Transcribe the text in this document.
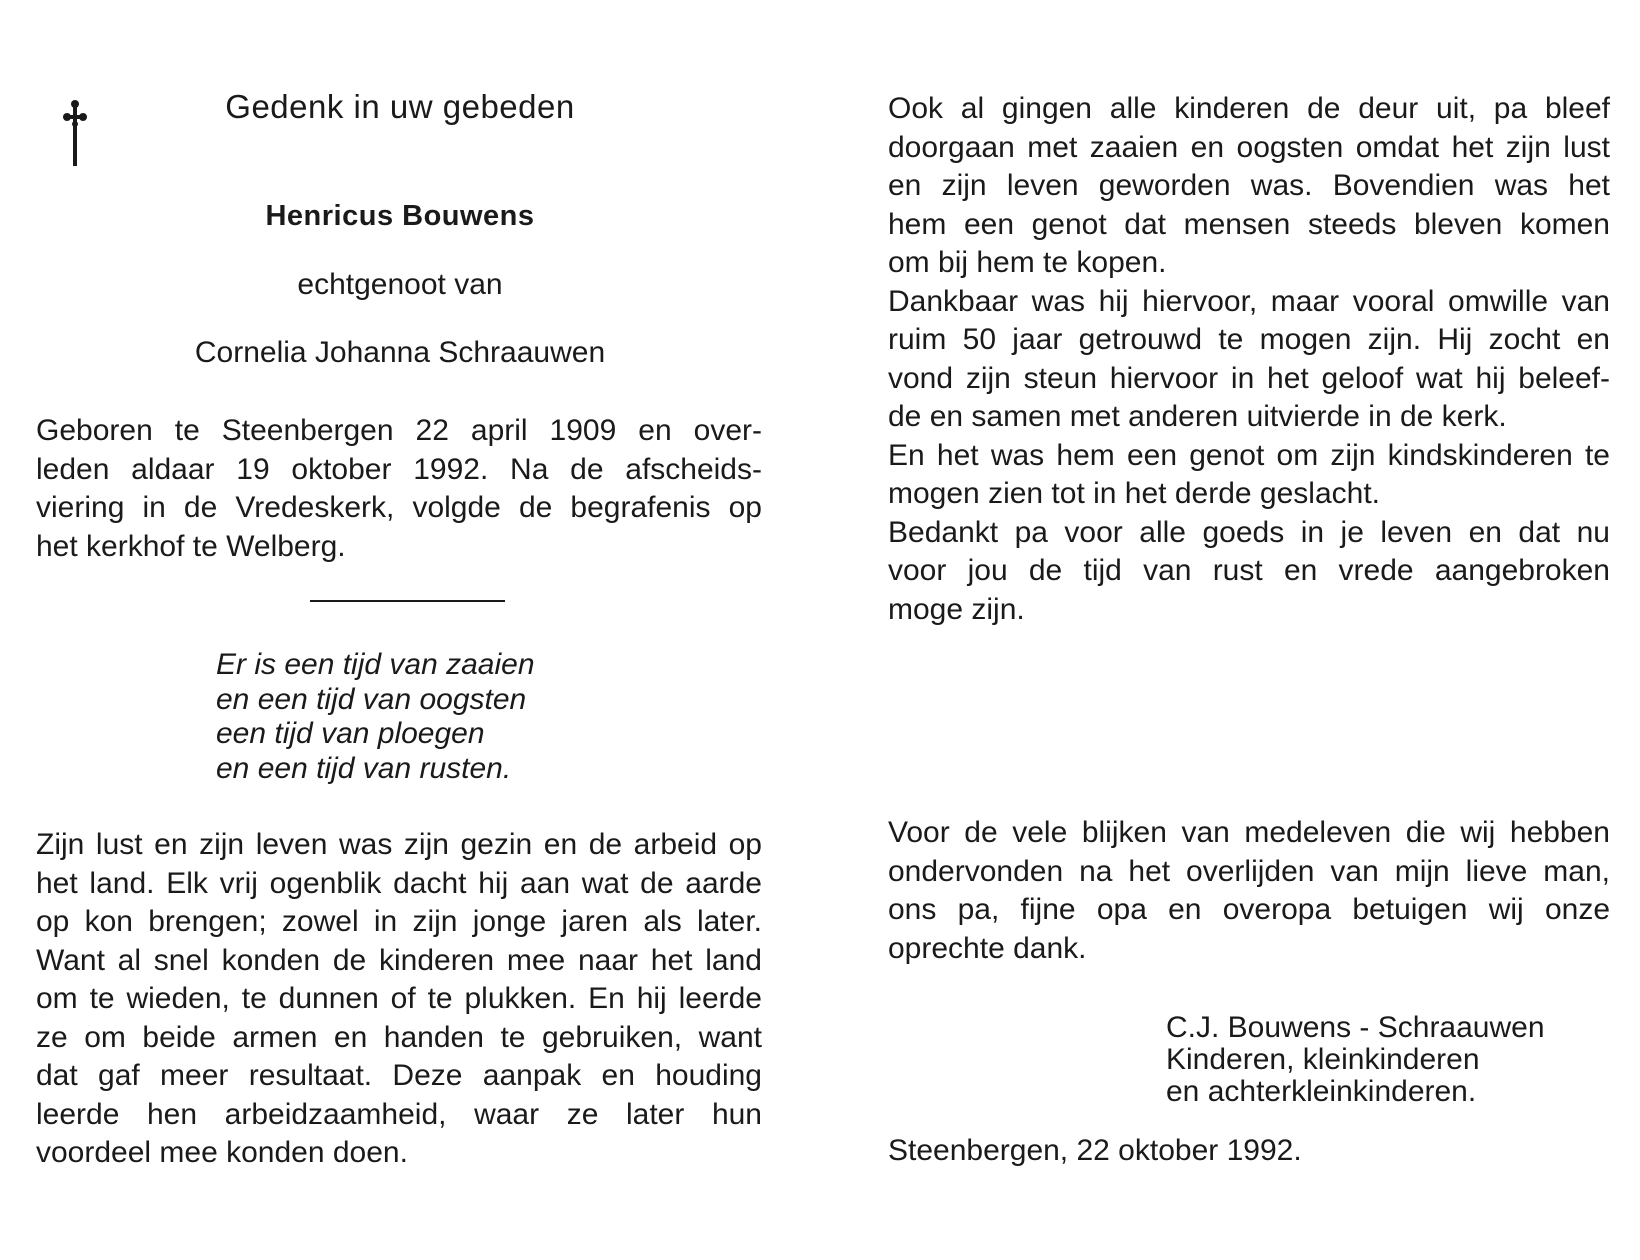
Gedenk in uw gebeden
Henricus Bouwens
echtgenoot van
Cornelia Johanna Schraauwen
Geboren te Steenbergen 22 april 1909 en over-
leden aldaar 19 oktober 1992. Na de afscheids-
viering in de Vredeskerk, volgde de begrafenis op
het kerkhof te Welberg.
Er is een tijd van zaaien
en een tijd van oogsten
een tijd van ploegen
en een tijd van rusten.
Zijn lust en zijn leven was zijn gezin en de arbeid op
het land. Elk vrij ogenblik dacht hij aan wat de aarde
op kon brengen; zowel in zijn jonge jaren als later.
Want al snel konden de kinderen mee naar het land
om te wieden, te dunnen of te plukken. En hij leerde
ze om beide armen en handen te gebruiken, want
dat gaf meer resultaat. Deze aanpak en houding
leerde hen arbeidzaamheid, waar ze later hun
voordeel mee konden doen.
Ook al gingen alle kinderen de deur uit, pa bleef
doorgaan met zaaien en oogsten omdat het zijn lust
en zijn leven geworden was. Bovendien was het
hem een genot dat mensen steeds bleven komen
om bij hem te kopen.
Dankbaar was hij hiervoor, maar vooral omwille van
ruim 50 jaar getrouwd te mogen zijn. Hij zocht en
vond zijn steun hiervoor in het geloof wat hij beleef-
de en samen met anderen uitvierde in de kerk.
En het was hem een genot om zijn kindskinderen te
mogen zien tot in het derde geslacht.
Bedankt pa voor alle goeds in je leven en dat nu
voor jou de tijd van rust en vrede aangebroken
moge zijn.
Voor de vele blijken van medeleven die wij hebben
ondervonden na het overlijden van mijn lieve man,
ons pa, fijne opa en overopa betuigen wij onze
oprechte dank.
C.J. Bouwens - Schraauwen
Kinderen, kleinkinderen
en achterkleinkinderen.
Steenbergen, 22 oktober 1992.
